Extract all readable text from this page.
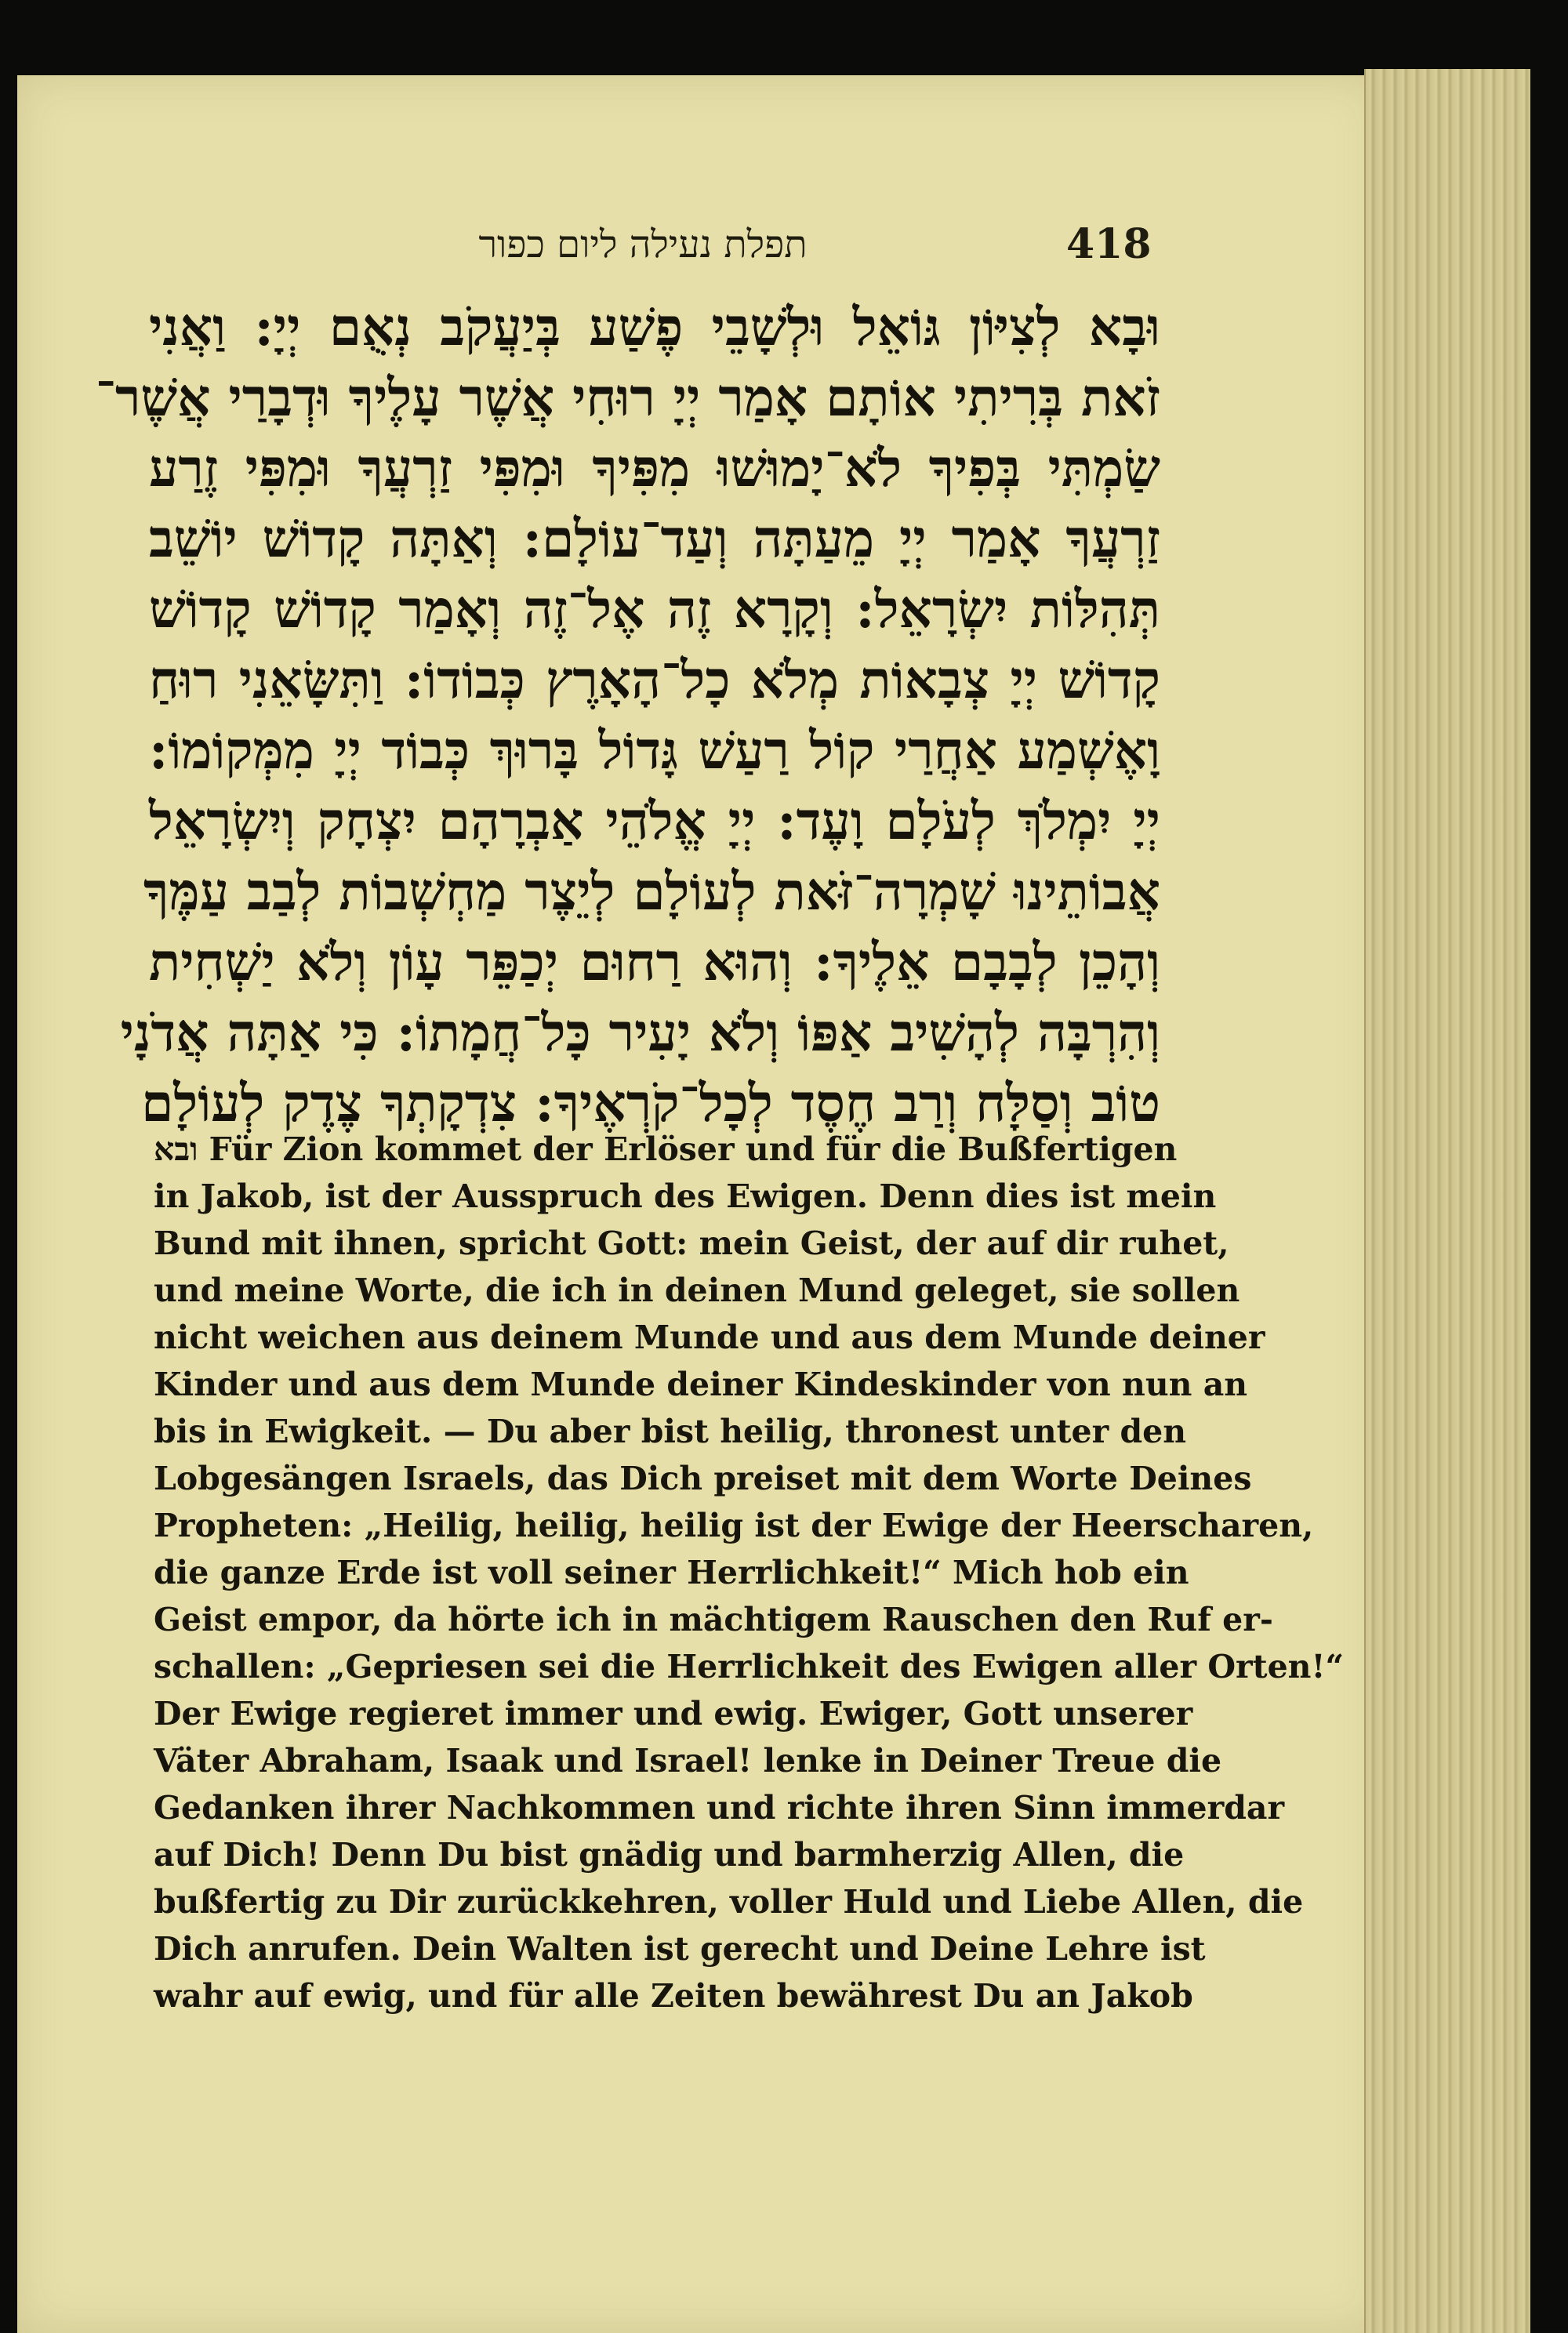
תפלת נעילה ליום כפור	418
וּבָא לְצִיּוֹן גּוֹאֵל וּלְשָׁבֵי פֶשַׁע בְּיַעֲקֹב נְאֻם יְיָ: וַאֲנִי
זֹאת בְּרִיתִי אוֹתָם אָמַר יְיָ רוּחִי אֲשֶׁר עָלֶיךָ וּדְבָרַי אֲשֶׁר־
שַׂמְתִּי בְּפִיךָ לֹא־יָמוּשׁוּ מִפִּיךָ וּמִפִּי זַרְעֲךָ וּמִפִּי זֶרַע
זַרְעֲךָ אָמַר יְיָ מֵעַתָּה וְעַד־עוֹלָם: וְאַתָּה קָדוֹשׁ יוֹשֵׁב
תְּהִלּוֹת יִשְׂרָאֵל: וְקָרָא זֶה אֶל־זֶה וְאָמַר קָדוֹשׁ קָדוֹשׁ
קָדוֹשׁ יְיָ צְבָאוֹת מְלֹא כָל־הָאָרֶץ כְּבוֹדוֹ: וַתִּשָּׂאֵנִי רוּחַ
וָאֶשְׁמַע אַחֲרַי קוֹל רַעַשׁ גָּדוֹל בָּרוּךְ כְּבוֹד יְיָ מִמְּקוֹמוֹ:
יְיָ יִמְלֹךְ לְעֹלָם וָעֶד: יְיָ אֱלֹהֵי אַבְרָהָם יִצְחָק וְיִשְׂרָאֵל
אֲבוֹתֵינוּ שָׁמְרָה־זֹּאת לְעוֹלָם לְיֵצֶר מַחְשְׁבוֹת לְבַב עַמֶּךָ
וְהָכֵן לְבָבָם אֵלֶיךָ: וְהוּא רַחוּם יְכַפֵּר עָוֹן וְלֹא יַשְׁחִית
וְהִרְבָּה לְהָשִׁיב אַפּוֹ וְלֹא יָעִיר כָּל־חֲמָתוֹ: כִּי אַתָּה אֲדֹנָי
טוֹב וְסַלָּח וְרַב חֶסֶד לְכָל־קֹרְאֶיךָ: צִדְקָתְךָ צֶדֶק לְעוֹלָם
ובא Für Zion kommet der Erlöser und für die Bußfertigen
in Jakob, ist der Ausspruch des Ewigen. Denn dies ist mein
Bund mit ihnen, spricht Gott: mein Geist, der auf dir ruhet,
und meine Worte, die ich in deinen Mund geleget, sie sollen
nicht weichen aus deinem Munde und aus dem Munde deiner
Kinder und aus dem Munde deiner Kindeskinder von nun an
bis in Ewigkeit. — Du aber bist heilig, thronest unter den
Lobgesängen Israels, das Dich preiset mit dem Worte Deines
Propheten: „Heilig, heilig, heilig ist der Ewige der Heerscharen,
die ganze Erde ist voll seiner Herrlichkeit!“ Mich hob ein
Geist empor, da hörte ich in mächtigem Rauschen den Ruf er-
schallen: „Gepriesen sei die Herrlichkeit des Ewigen aller Orten!“
Der Ewige regieret immer und ewig. Ewiger, Gott unserer
Väter Abraham, Isaak und Israel! lenke in Deiner Treue die
Gedanken ihrer Nachkommen und richte ihren Sinn immerdar
auf Dich! Denn Du bist gnädig und barmherzig Allen, die
bußfertig zu Dir zurückkehren, voller Huld und Liebe Allen, die
Dich anrufen. Dein Walten ist gerecht und Deine Lehre ist
wahr auf ewig, und für alle Zeiten bewährest Du an Jakob
